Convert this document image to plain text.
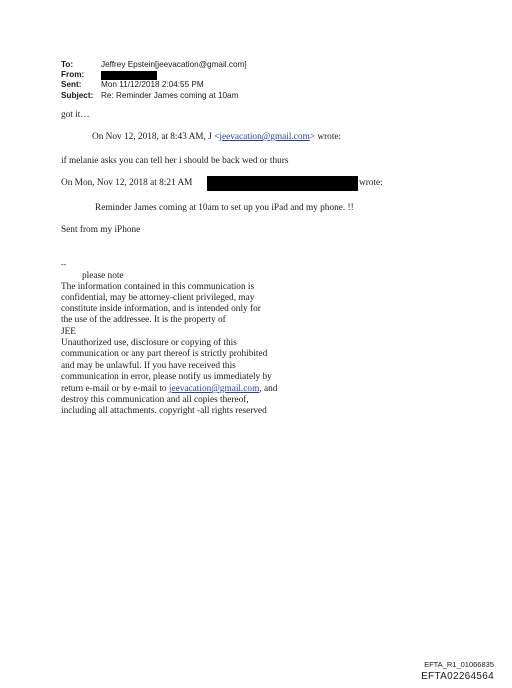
To:	Jeffrey Epstein[jeevacation@gmail.com]
From:
Sent:	Mon 11/12/2018 2:04:55 PM
Subject: Re: Reminder James coming at 10am
got it…
On Nov 12, 2018, at 8:43 AM, J <jeevacation@gmail.com> wrote:
if melanie asks you can tell her i should be back wed or thurs
On Mon, Nov 12, 2018 at 8:21 AM	wrote:
Reminder James coming at 10am to set up you iPad and my phone. !!
Sent from my iPhone
--
please note
The information contained in this communication is
confidential, may be attorney-client privileged, may
constitute inside information, and is intended only for
the use of the addressee. It is the property of
JEE
Unauthorized use, disclosure or copying of this
communication or any part thereof is strictly prohibited
and may be unlawful. If you have received this
communication in error, please notify us immediately by
return e-mail or by e-mail to jeevacation@gmail.com, and
destroy this communication and all copies thereof,
including all attachments. copyright -all rights reserved
EFTA_R1_01066835
EFTA02264564
